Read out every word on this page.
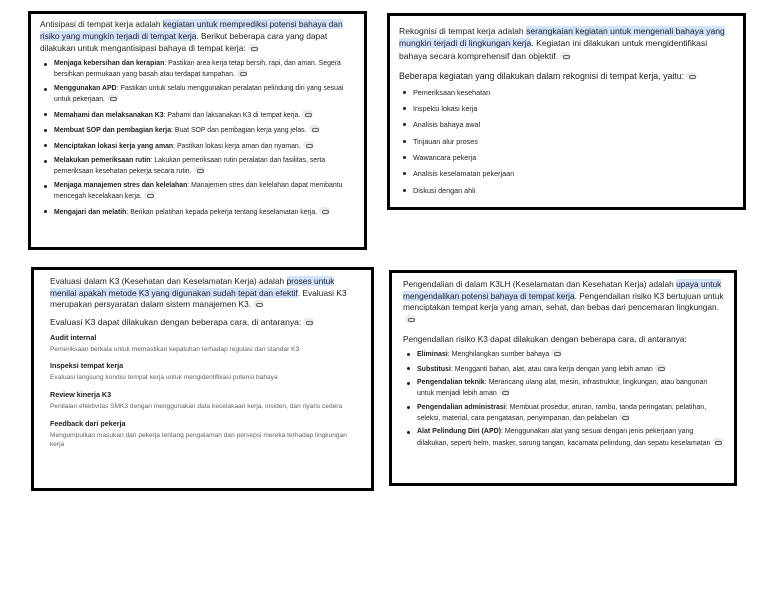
Antisipasi di tempat kerja adalah kegiatan untuk memprediksi potensi bahaya dan risiko yang mungkin terjadi di tempat kerja. Berikut beberapa cara yang dapat dilakukan untuk mengantisipasi bahaya di tempat kerja:

Menjaga kebersihan dan kerapian: Pastikan area kerja tetap bersih, rapi, dan aman. Segera bersihkan permukaan yang basah atau terdapat tumpahan.
Menggunakan APD: Pastikan untuk selalu menggunakan peralatan pelindung diri yang sesuai untuk pekerjaan.
Memahami dan melaksanakan K3: Pahami dan laksanakan K3 di tempat kerja.
Membuat SOP dan pembagian kerja: Buat SOP dan pembagian kerja yang jelas.
Menciptakan lokasi kerja yang aman: Pastikan lokasi kerja aman dan nyaman.
Melakukan pemeriksaan rutin: Lakukan pemeriksaan rutin peralatan dan fasilitas, serta pemeriksaan kesehatan pekerja secara rutin.
Menjaga manajemen stres dan kelelahan: Manajemen stres dan kelelahan dapat membantu mencegah kecelakaan kerja.
Mengajari dan melatih: Berikan pelatihan kepada pekerja tentang keselamatan kerja.

Rekognisi di tempat kerja adalah serangkaian kegiatan untuk mengenali bahaya yang mungkin terjadi di lingkungan kerja. Kegiatan ini dilakukan untuk mengidentifikasi bahaya secara komprehensif dan objektif.

Beberapa kegiatan yang dilakukan dalam rekognisi di tempat kerja, yaitu:

Pemeriksaan kesehatan
Inspeksi lokasi kerja
Analisis bahaya awal
Tinjauan alur proses
Wawancara pekerja
Analisis keselamatan pekerjaan
Diskusi dengan ahli

Evaluasi dalam K3 (Kesehatan dan Keselamatan Kerja) adalah proses untuk menilai apakah metode K3 yang digunakan sudah tepat dan efektif. Evaluasi K3 merupakan persyaratan dalam sistem manajemen K3.

Evaluasi K3 dapat dilakukan dengan beberapa cara, di antaranya:

Audit internal
Pemeriksaan berkala untuk memastikan kepatuhan terhadap regulasi dan standar K3
Inspeksi tempat kerja
Evaluasi langsung kondisi tempat kerja untuk mengidentifikasi potensi bahaya
Review kinerja K3
Penilaian efektivitas SMK3 dengan menggunakan data kecelakaan kerja, insiden, dan nyaris cedera
Feedback dari pekerja
Mengumpulkan masukan dari pekerja tentang pengalaman dan persepsi mereka terhadap lingkungan kerja

Pengendalian di dalam K3LH (Keselamatan dan Kesehatan Kerja) adalah upaya untuk mengendalikan potensi bahaya di tempat kerja. Pengendalian risiko K3 bertujuan untuk menciptakan tempat kerja yang aman, sehat, dan bebas dari pencemaran lingkungan.

Pengendalian risiko K3 dapat dilakukan dengan beberapa cara, di antaranya:

Eliminasi: Menghilangkan sumber bahaya
Substitusi: Mengganti bahan, alat, atau cara kerja dengan yang lebih aman
Pengendalian teknik: Merancang ulang alat, mesin, infrastruktur, lingkungan, atau bangunan untuk menjadi lebih aman
Pengendalian administrasi: Membuat prosedur, aturan, rambu, tanda peringatan, pelatihan, seleksi, material, cara pengatasan, penyimpanan, dan pelabelan
Alat Pelindung Diri (APD): Menggunakan alat yang sesuai dengan jenis pekerjaan yang dilakukan, seperti helm, masker, sarung tangan, kacamata pelindung, dan sepatu keselamatan
